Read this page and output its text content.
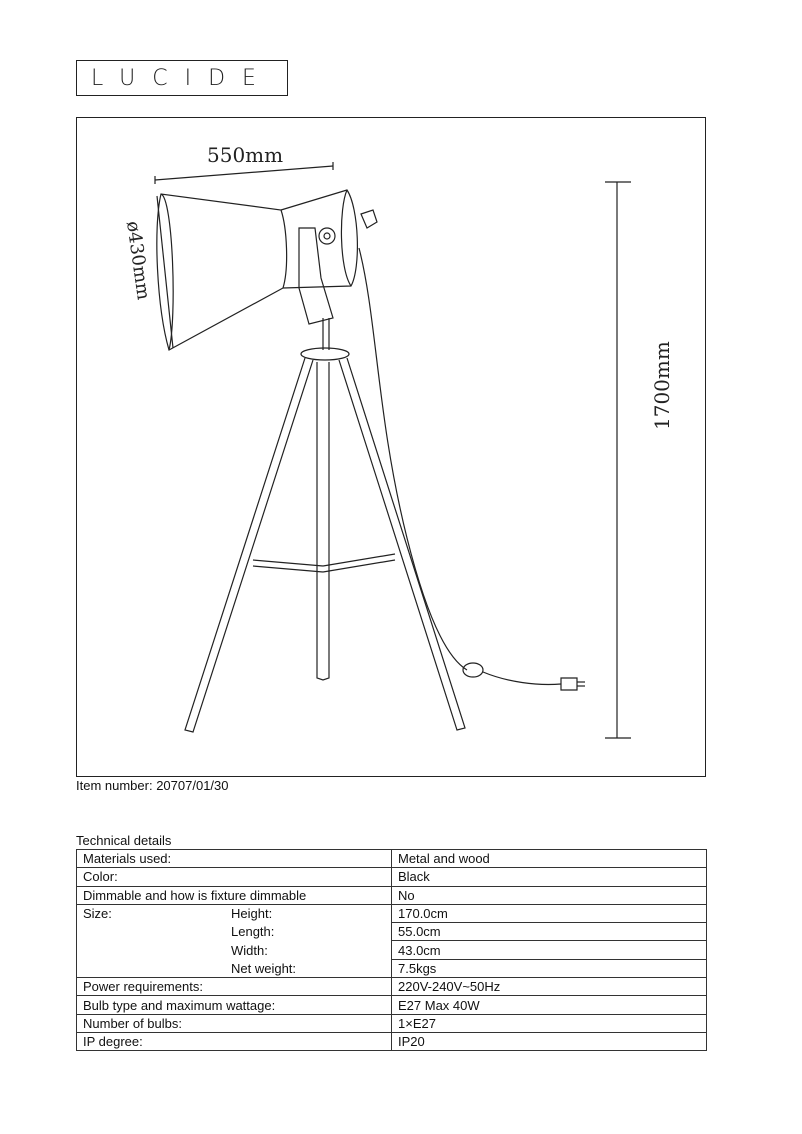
LUCIDE
550mm
ø430mm
1700mm
Item number: 20707/01/30
Technical details
Materials used:	Metal and wood
Color:	Black
Dimmable and how is fixture dimmable	No
Size: Height:	170.0cm
Length:	55.0cm
Width:	43.0cm
Net weight:	7.5kgs
Power requirements:	220V-240V~50Hz
Bulb type and maximum wattage:	E27 Max 40W
Number of bulbs:	1×E27
IP degree:	IP20
